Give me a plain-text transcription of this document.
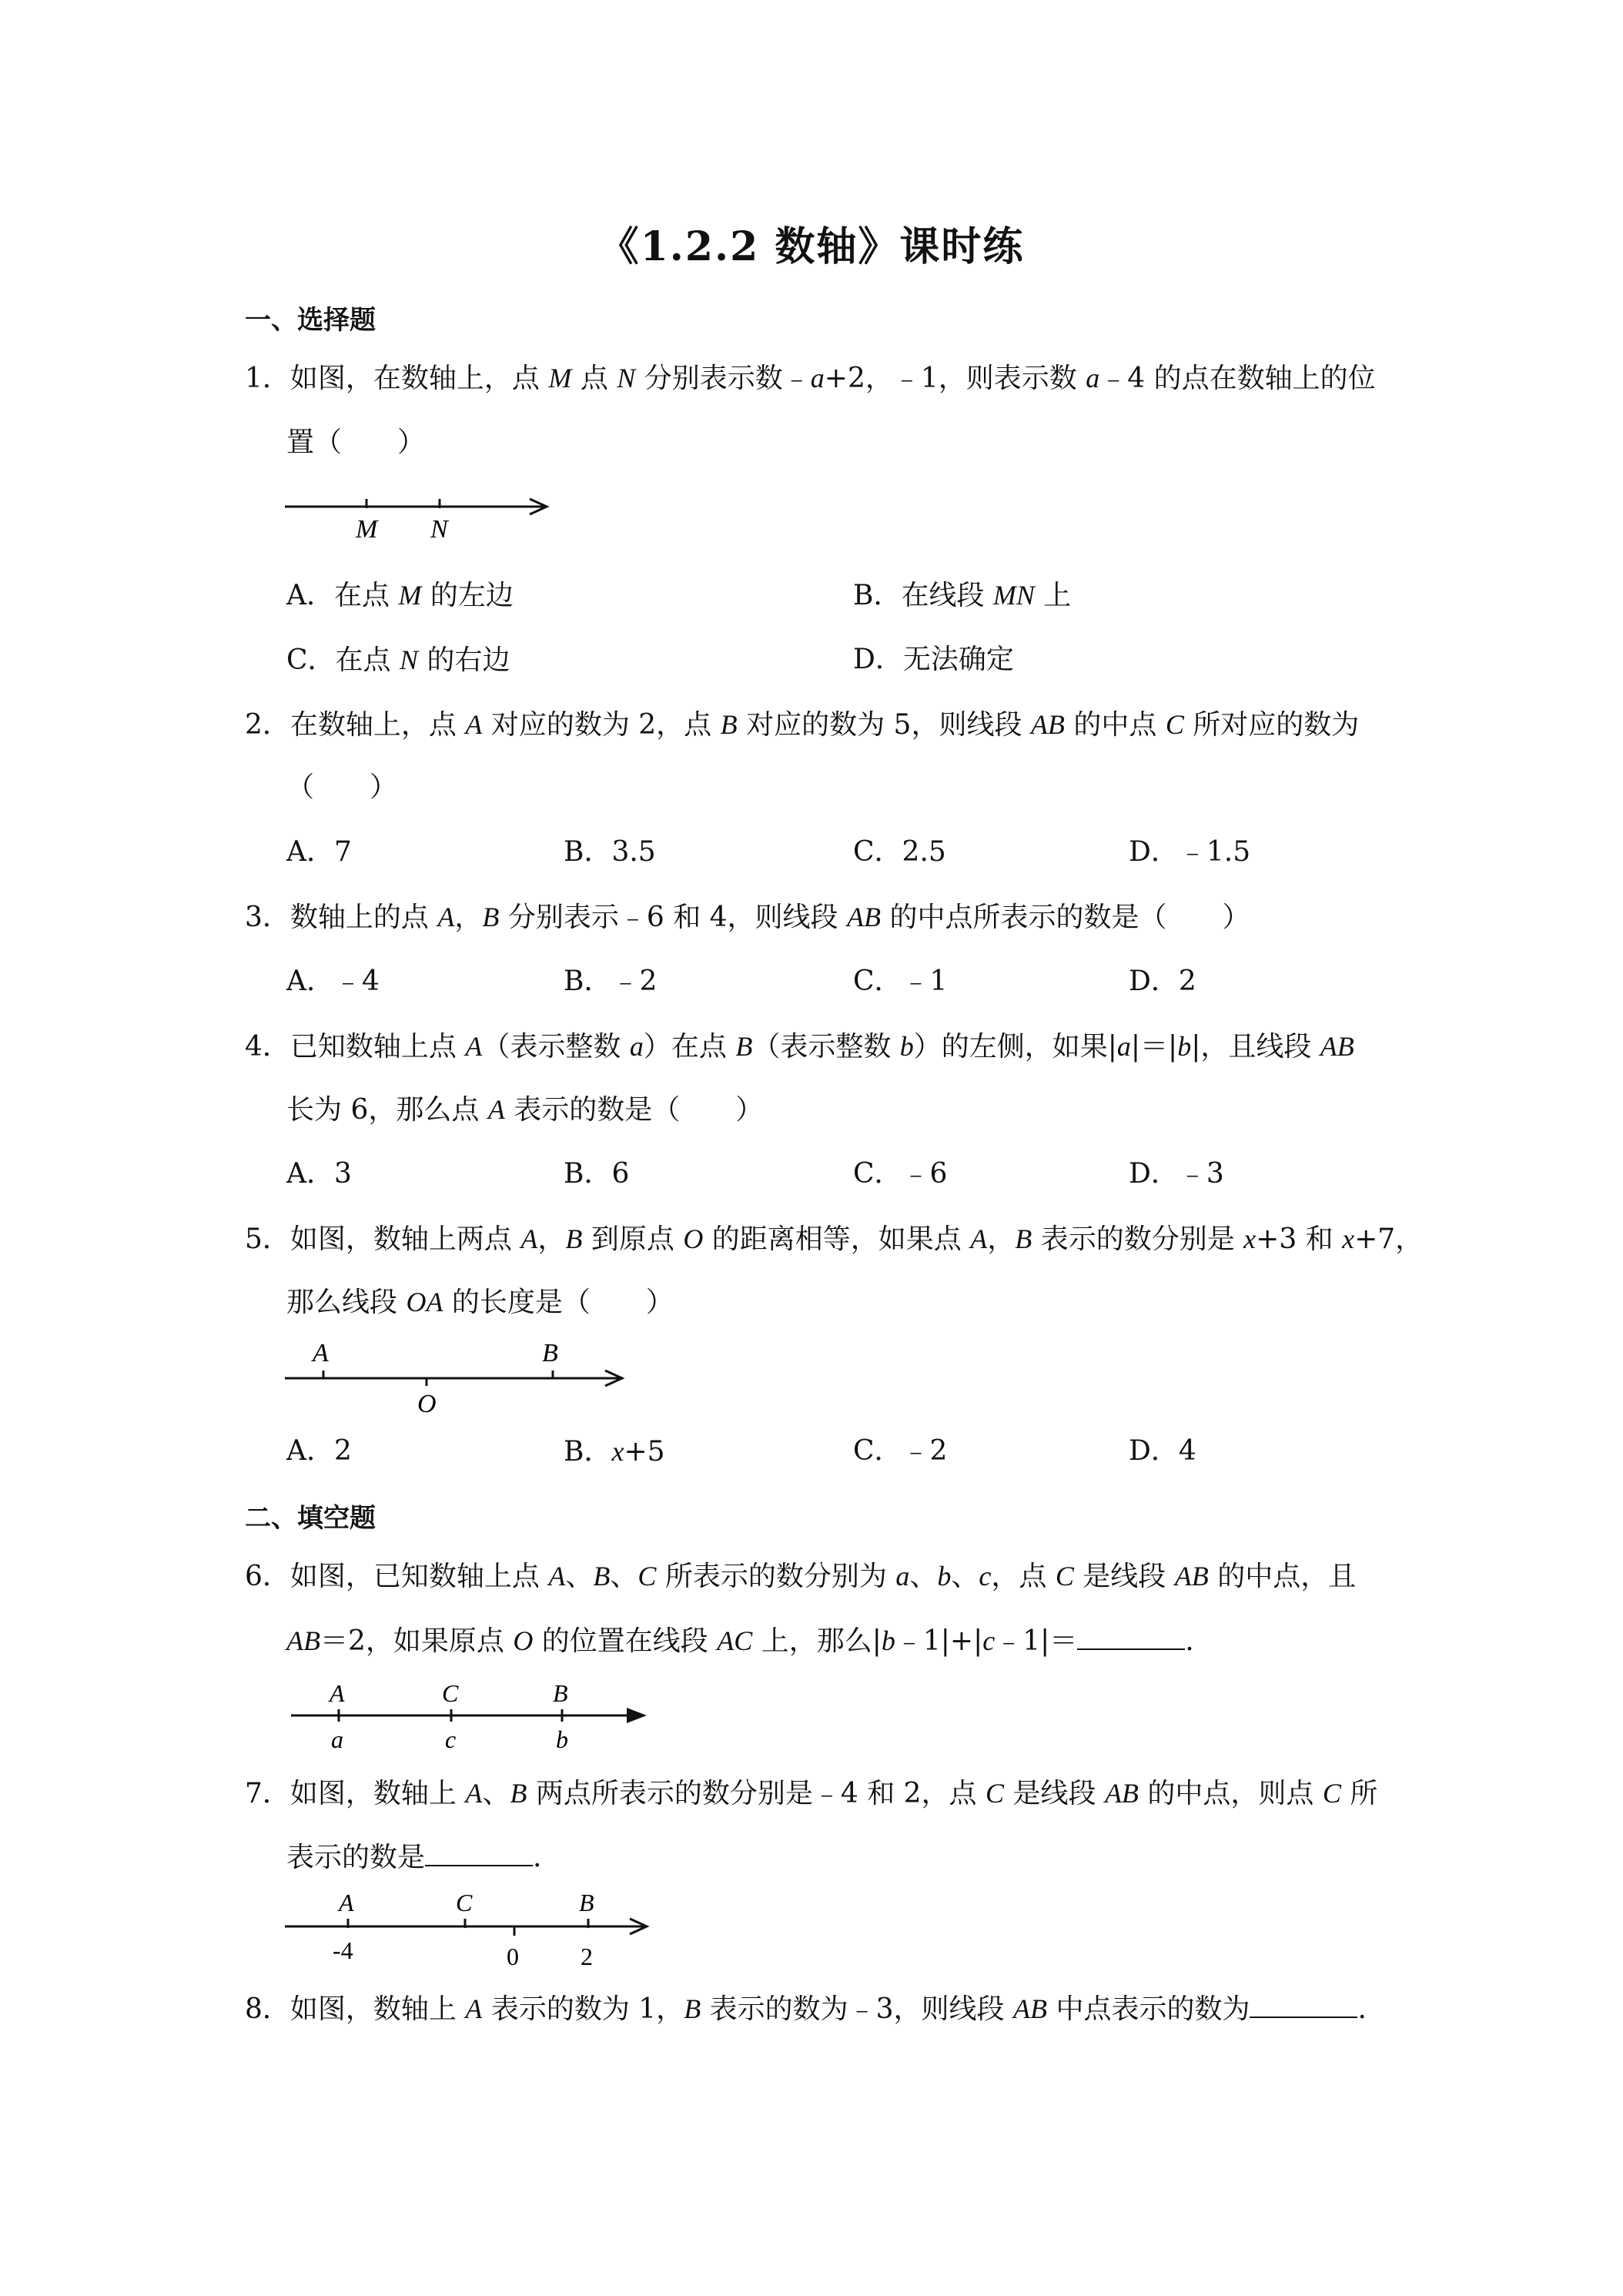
《1.2.2 数轴》课时练
一、选择题
1．如图，在数轴上，点 M 点 N 分别表示数﹣a+2，﹣1，则表示数 a﹣4 的点在数轴上的位
置（　　）
M N
A．在点 M 的左边	B．在线段 MN 上
C．在点 N 的右边	D．无法确定
2．在数轴上，点 A 对应的数为 2，点 B 对应的数为 5，则线段 AB 的中点 C 所对应的数为
（　　）
A．7	B．3.5	C．2.5	D．﹣1.5
3．数轴上的点 A，B 分别表示﹣6 和 4，则线段 AB 的中点所表示的数是（　　）
A．﹣4	B．﹣2	C．﹣1	D．2
4．已知数轴上点 A（表示整数 a）在点 B（表示整数 b）的左侧，如果|a|＝|b|，且线段 AB
长为 6，那么点 A 表示的数是（　　）
A．3	B．6	C．﹣6	D．﹣3
5．如图，数轴上两点 A，B 到原点 O 的距离相等，如果点 A，B 表示的数分别是 x+3 和 x+7，
那么线段 OA 的长度是（　　）
A
O
B
A．2	B．x+5	C．﹣2	D．4
二、填空题
6．如图，已知数轴上点 A、B、C 所表示的数分别为 a、b、c，点 C 是线段 AB 的中点，且
AB＝2，如果原点 O 的位置在线段 AC 上，那么|b﹣1|+|c﹣1|＝	.
A	C	B
a	c	b
7．如图，数轴上 A、B 两点所表示的数分别是﹣4 和 2，点 C 是线段 AB 的中点，则点 C 所
表示的数是	.
A	C	B
-4	0	2
8．如图，数轴上 A 表示的数为 1，B 表示的数为﹣3，则线段 AB 中点表示的数为	.
